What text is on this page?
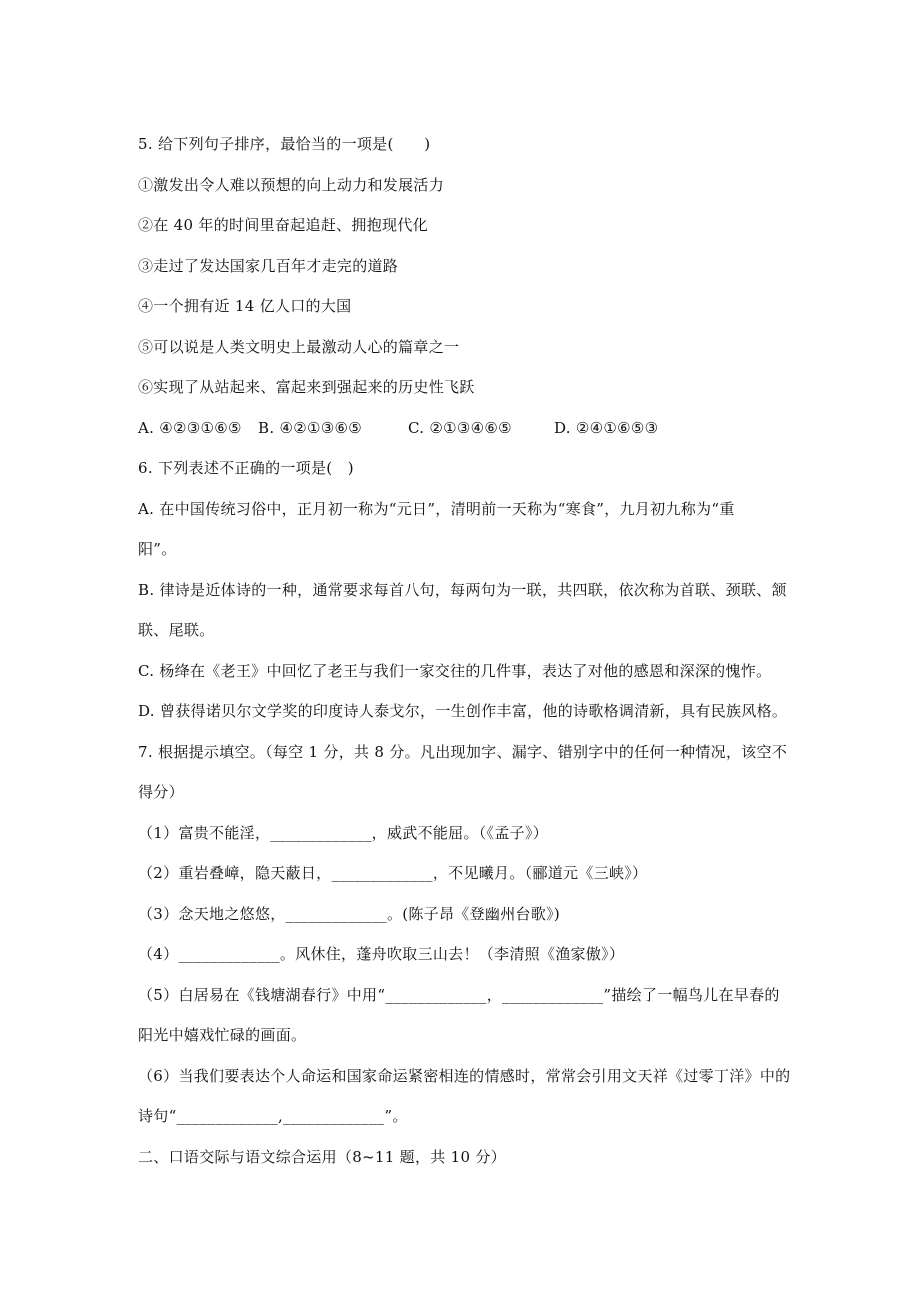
5. 给下列句子排序，最恰当的一项是(　　)
①激发出令人难以预想的向上动力和发展活力
②在 40 年的时间里奋起追赶、拥抱现代化
③走过了发达国家几百年才走完的道路
④一个拥有近 14 亿人口的大国
⑤可以说是人类文明史上最激动人心的篇章之一
⑥实现了从站起来、富起来到强起来的历史性飞跃
A. ④②③①⑥⑤	B. ④②①③⑥⑤	C. ②①③④⑥⑤	D. ②④①⑥⑤③
6. 下列表述不正确的一项是(　)
A. 在中国传统习俗中，正月初一称为“元日”，清明前一天称为“寒食”，九月初九称为“重
阳”。
B. 律诗是近体诗的一种，通常要求每首八句，每两句为一联，共四联，依次称为首联、颈联、颔
联、尾联。
C. 杨绛在《老王》中回忆了老王与我们一家交往的几件事，表达了对他的感恩和深深的愧怍。
D. 曾获得诺贝尔文学奖的印度诗人泰戈尔，一生创作丰富，他的诗歌格调清新，具有民族风格。
7. 根据提示填空。（每空 1 分，共 8 分。凡出现加字、漏字、错别字中的任何一种情况，该空不
得分）
（1）富贵不能淫，_____________，威武不能屈。（《孟子》）
（2）重岩叠嶂，隐天蔽日，_____________，不见曦月。（郦道元《三峡》）
（3）念天地之悠悠，_____________。(陈子昂《登幽州台歌》)
（4）_____________。风休住，蓬舟吹取三山去！（李清照《渔家傲》）
（5）白居易在《钱塘湖春行》中用“_____________，_____________”描绘了一幅鸟儿在早春的
阳光中嬉戏忙碌的画面。
（6）当我们要表达个人命运和国家命运紧密相连的情感时，常常会引用文天祥《过零丁洋》中的
诗句“_____________,_____________”。
二、口语交际与语文综合运用（8~11 题，共 10 分）
